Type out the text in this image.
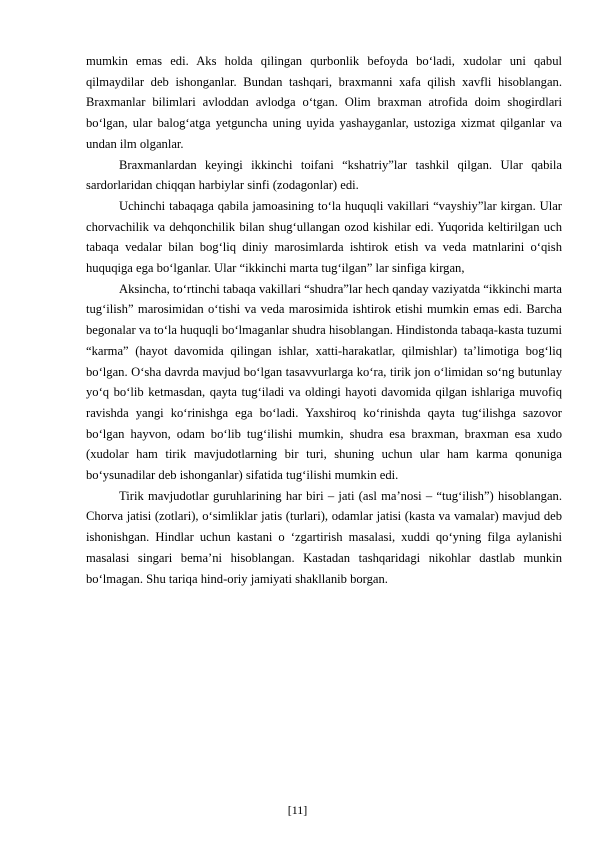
mumkin emas edi. Aks holda qilingan qurbonlik befoyda bo‘ladi, xudolar uni qabul qilmaydilar deb ishonganlar. Bundan tashqari, braxmanni xafa qilish xavfli hisoblangan. Braxmanlar bilimlari avloddan avlodga o‘tgan. Olim braxman atrofida doim shogirdlari bo‘lgan, ular balog‘atga yetguncha uning uyida yashayganlar, ustoziga xizmat qilganlar va undan ilm olganlar.

Braxmanlardan keyingi ikkinchi toifani “kshatriy”lar tashkil qilgan. Ular qabila sardorlaridan chiqqan harbiylar sinfi (zodagonlar) edi.

Uchinchi tabaqaga qabila jamoasining to‘la huquqli vakillari “vayshiy”lar kirgan. Ular chorvachilik va dehqonchilik bilan shug‘ullangan ozod kishilar edi. Yuqorida keltirilgan uch tabaqa vedalar bilan bog‘liq diniy marosimlarda ishtirok etish va veda matnlarini o‘qish huquqiga ega bo‘lganlar. Ular “ikkinchi marta tug‘ilgan” lar sinfiga kirgan,

Aksincha, to‘rtinchi tabaqa vakillari “shudra”lar hech qanday vaziyatda “ikkinchi marta tug‘ilish” marosimidan o‘tishi va veda marosimida ishtirok etishi mumkin emas edi. Barcha begonalar va to‘la huquqli bo‘lmaganlar shudra hisoblangan. Hindistonda tabaqa-kasta tuzumi “karma” (hayot davomida qilingan ishlar, xatti-harakatlar, qilmishlar) ta’limotiga bog‘liq bo‘lgan. O‘sha davrda mavjud bo‘lgan tasavvurlarga ko‘ra, tirik jon o‘limidan so‘ng butunlay yo‘q bo‘lib ketmasdan, qayta tug‘iladi va oldingi hayoti davomida qilgan ishlariga muvofiq ravishda yangi ko‘rinishga ega bo‘ladi. Yaxshiroq ko‘rinishda qayta tug‘ilishga sazovor bo‘lgan hayvon, odam bo‘lib tug‘ilishi mumkin, shudra esa braxman, braxman esa xudo (xudolar ham tirik mavjudotlarning bir turi, shuning uchun ular ham karma qonuniga bo‘ysunadilar deb ishonganlar) sifatida tug‘ilishi mumkin edi.

Tirik mavjudotlar guruhlarining har biri – jati (asl ma’nosi – “tug‘ilish”) hisoblangan. Chorva jatisi (zotlari), o‘simliklar jatis (turlari), odamlar jatisi (kasta va vamalar) mavjud deb ishonishgan. Hindlar uchun kastani o ‘zgartirish masalasi, xuddi qo‘yning filga aylanishi masalasi singari bema’ni hisoblangan. Kastadan tashqaridagi nikohlar dastlab munkin bo‘lmagan. Shu tariqa hind-oriy jamiyati shakllanib borgan.

[11]
